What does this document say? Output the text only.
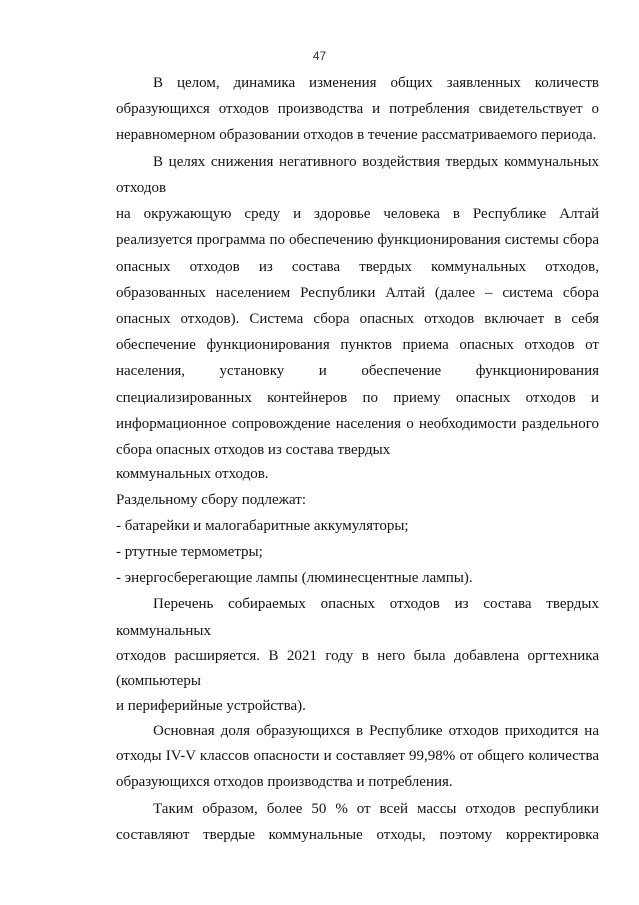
47
В целом, динамика изменения общих заявленных количеств
образующихся отходов производства и потребления свидетельствует о
неравномерном образовании отходов в течение рассматриваемого периода.
В целях снижения негативного воздействия твердых коммунальных
отходов
на окружающую среду и здоровье человека в Республике Алтай
реализуется программа по обеспечению функционирования системы сбора
опасных отходов из состава твердых коммунальных отходов,
образованных населением Республики Алтай (далее – система сбора
опасных отходов). Система сбора опасных отходов включает в себя
обеспечение функционирования пунктов приема опасных отходов от
населения, установку и обеспечение функционирования
специализированных контейнеров по приему опасных отходов и
информационное сопровождение населения о необходимости раздельного
сбора опасных отходов из состава твердых
коммунальных отходов.
Раздельному сбору подлежат:
- батарейки и малогабаритные аккумуляторы;
- ртутные термометры;
- энергосберегающие лампы (люминесцентные лампы).
Перечень собираемых опасных отходов из состава твердых
коммунальных
отходов расширяется. В 2021 году в него была добавлена оргтехника
(компьютеры
и периферийные устройства).
Основная доля образующихся в Республике отходов приходится на
отходы IV-V классов опасности и составляет 99,98% от общего количества
образующихся отходов производства и потребления.
Таким образом, более 50 % от всей массы отходов республики
составляют твердые коммунальные отходы, поэтому корректировка
